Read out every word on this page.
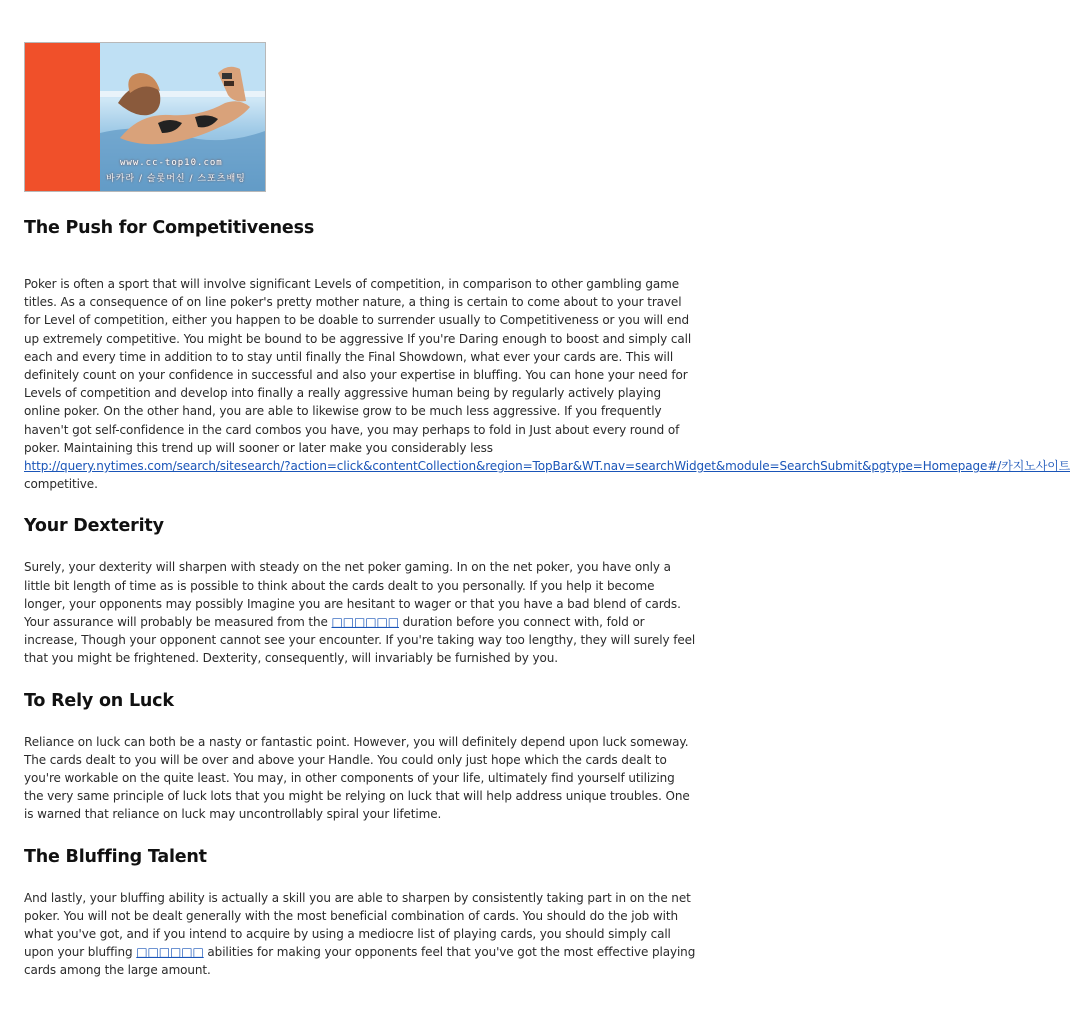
www.cc-top10.com
바카라 / 슬롯머신 / 스포츠배팅
The Push for Competitiveness

Poker is often a sport that will involve significant Levels of competition, in comparison to other gambling game titles. As a consequence of on line poker's pretty mother nature, a thing is certain to come about to your travel for Level of competition, either you happen to be doable to surrender usually to Competitiveness or you will end up extremely competitive. You might be bound to be aggressive If you're Daring enough to boost and simply call each and every time in addition to to stay until finally the Final Showdown, what ever your cards are. This will definitely count on your confidence in successful and also your expertise in bluffing. You can hone your need for Levels of competition and develop into finally a really aggressive human being by regularly actively playing online poker. On the other hand, you are able to likewise grow to be much less aggressive. If you frequently haven't got self-confidence in the card combos you have, you may perhaps to fold in Just about every round of poker. Maintaining this trend up will sooner or later make you considerably less http://query.nytimes.com/search/sitesearch/?action=click&contentCollection&region=TopBar&WT.nav=searchWidget&module=SearchSubmit&pgtype=Homepage#/카지노사이트
competitive.

Your Dexterity

Surely, your dexterity will sharpen with steady on the net poker gaming. In on the net poker, you have only a little bit length of time as is possible to think about the cards dealt to you personally. If you help it become longer, your opponents may possibly Imagine you are hesitant to wager or that you have a bad blend of cards. Your assurance will probably be measured from the □□□□□□ duration before you connect with, fold or increase, Though your opponent cannot see your encounter. If you're taking way too lengthy, they will surely feel that you might be frightened. Dexterity, consequently, will invariably be furnished by you.

To Rely on Luck

Reliance on luck can both be a nasty or fantastic point. However, you will definitely depend upon luck someway. The cards dealt to you will be over and above your Handle. You could only just hope which the cards dealt to you're workable on the quite least. You may, in other components of your life, ultimately find yourself utilizing the very same principle of luck lots that you might be relying on luck that will help address unique troubles. One is warned that reliance on luck may uncontrollably spiral your lifetime.

The Bluffing Talent

And lastly, your bluffing ability is actually a skill you are able to sharpen by consistently taking part in on the net poker. You will not be dealt generally with the most beneficial combination of cards. You should do the job with what you've got, and if you intend to acquire by using a mediocre list of playing cards, you should simply call upon your bluffing □□□□□□ abilities for making your opponents feel that you've got the most effective playing cards among the large amount.
